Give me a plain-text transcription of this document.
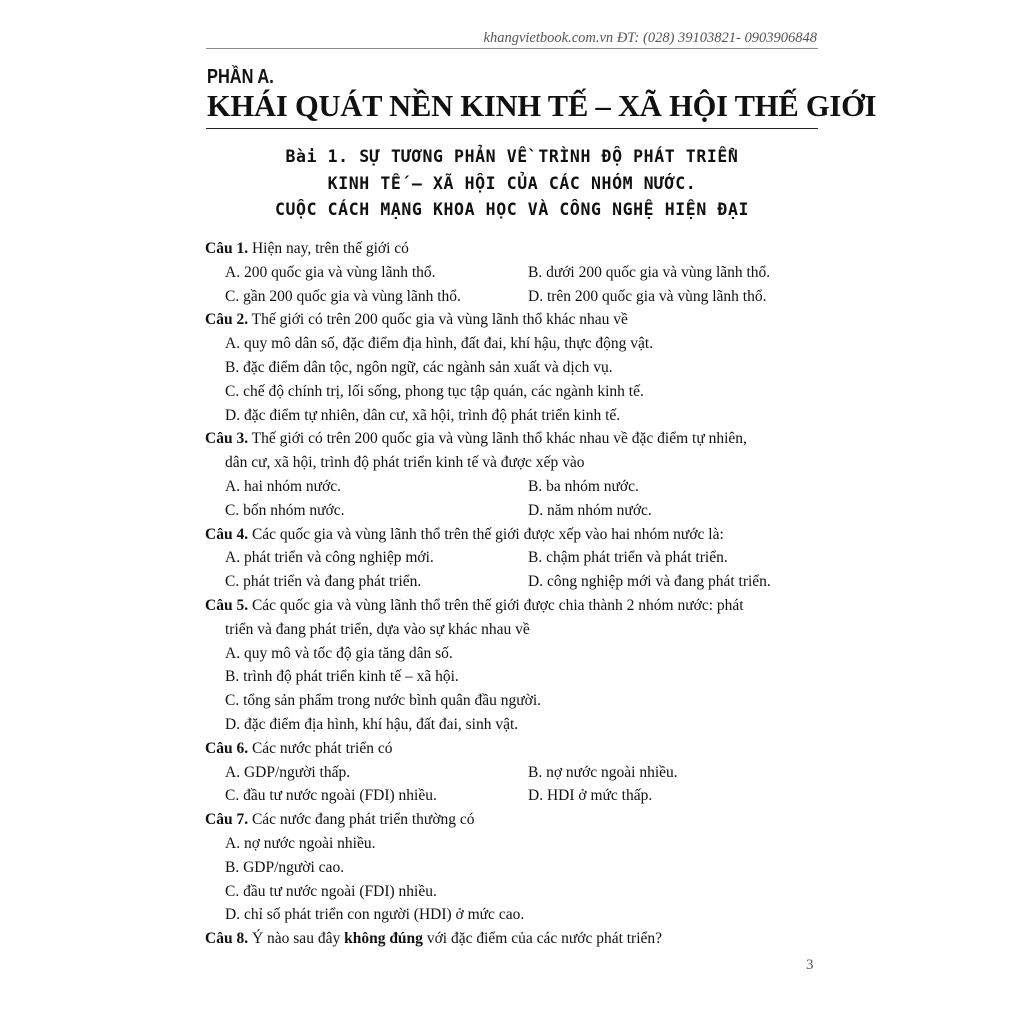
khangvietbook.com.vn ĐT: (028) 39103821- 0903906848
PHẦN A.
KHÁI QUÁT NỀN KINH TẾ – XÃ HỘI THẾ GIỚI
Bài 1. SỰ TƯƠNG PHẢN VỀ TRÌNH ĐỘ PHÁT TRIỂN
KINH TẾ – XÃ HỘI CỦA CÁC NHÓM NƯỚC.
CUỘC CÁCH MẠNG KHOA HỌC VÀ CÔNG NGHỆ HIỆN ĐẠI
Câu 1. Hiện nay, trên thế giới có
A. 200 quốc gia và vùng lãnh thổ.	B. dưới 200 quốc gia và vùng lãnh thổ.
C. gần 200 quốc gia và vùng lãnh thổ.	D. trên 200 quốc gia và vùng lãnh thổ.
Câu 2. Thế giới có trên 200 quốc gia và vùng lãnh thổ khác nhau về
A. quy mô dân số, đặc điểm địa hình, đất đai, khí hậu, thực động vật.
B. đặc điểm dân tộc, ngôn ngữ, các ngành sản xuất và dịch vụ.
C. chế độ chính trị, lối sống, phong tục tập quán, các ngành kinh tế.
D. đặc điểm tự nhiên, dân cư, xã hội, trình độ phát triển kinh tế.
Câu 3. Thế giới có trên 200 quốc gia và vùng lãnh thổ khác nhau về đặc điểm tự nhiên,
dân cư, xã hội, trình độ phát triển kinh tế và được xếp vào
A. hai nhóm nước.	B. ba nhóm nước.
C. bốn nhóm nước.	D. năm nhóm nước.
Câu 4. Các quốc gia và vùng lãnh thổ trên thế giới được xếp vào hai nhóm nước là:
A. phát triển và công nghiệp mới.	B. chậm phát triển và phát triển.
C. phát triển và đang phát triển.	D. công nghiệp mới và đang phát triển.
Câu 5. Các quốc gia và vùng lãnh thổ trên thế giới được chia thành 2 nhóm nước: phát
triển và đang phát triển, dựa vào sự khác nhau về
A. quy mô và tốc độ gia tăng dân số.
B. trình độ phát triển kinh tế – xã hội.
C. tổng sản phẩm trong nước bình quân đầu người.
D. đặc điểm địa hình, khí hậu, đất đai, sinh vật.
Câu 6. Các nước phát triển có
A. GDP/người thấp.	B. nợ nước ngoài nhiều.
C. đầu tư nước ngoài (FDI) nhiều.	D. HDI ở mức thấp.
Câu 7. Các nước đang phát triển thường có
A. nợ nước ngoài nhiều.
B. GDP/người cao.
C. đầu tư nước ngoài (FDI) nhiều.
D. chỉ số phát triển con người (HDI) ở mức cao.
Câu 8. Ý nào sau đây không đúng với đặc điểm của các nước phát triển?
3
